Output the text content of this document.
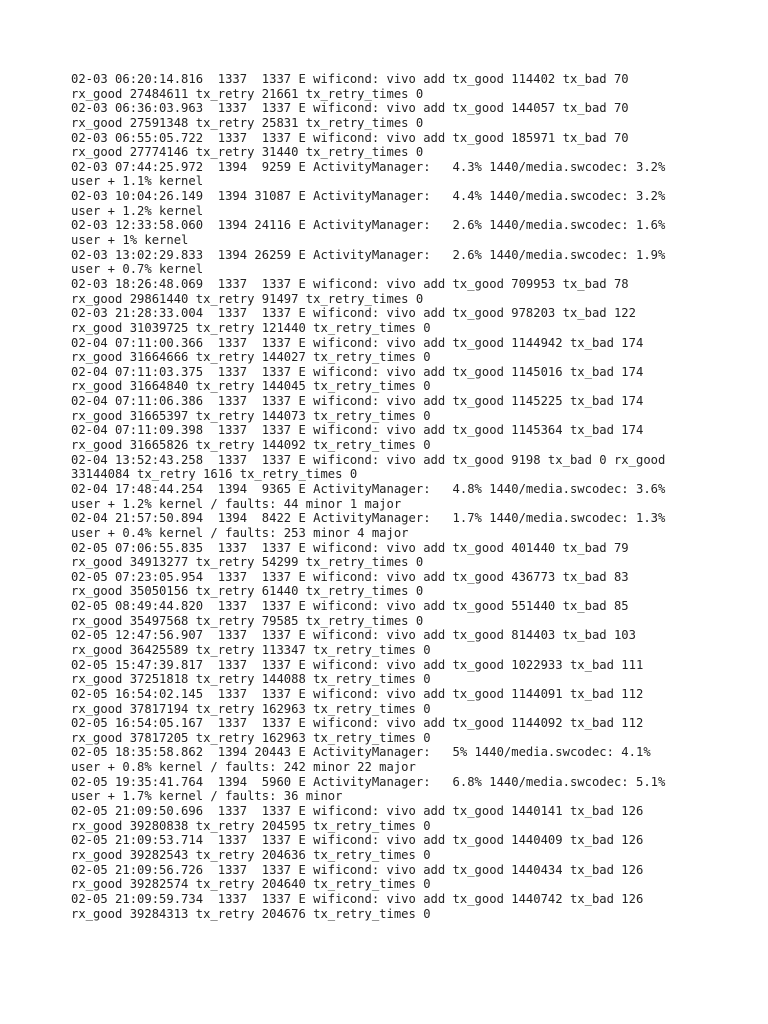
02-03 06:20:14.816  1337  1337 E wificond: vivo add tx_good 114402 tx_bad 70
rx_good 27484611 tx_retry 21661 tx_retry_times 0
02-03 06:36:03.963  1337  1337 E wificond: vivo add tx_good 144057 tx_bad 70
rx_good 27591348 tx_retry 25831 tx_retry_times 0
02-03 06:55:05.722  1337  1337 E wificond: vivo add tx_good 185971 tx_bad 70
rx_good 27774146 tx_retry 31440 tx_retry_times 0
02-03 07:44:25.972  1394  9259 E ActivityManager:   4.3% 1440/media.swcodec: 3.2%
user + 1.1% kernel
02-03 10:04:26.149  1394 31087 E ActivityManager:   4.4% 1440/media.swcodec: 3.2%
user + 1.2% kernel
02-03 12:33:58.060  1394 24116 E ActivityManager:   2.6% 1440/media.swcodec: 1.6%
user + 1% kernel
02-03 13:02:29.833  1394 26259 E ActivityManager:   2.6% 1440/media.swcodec: 1.9%
user + 0.7% kernel
02-03 18:26:48.069  1337  1337 E wificond: vivo add tx_good 709953 tx_bad 78
rx_good 29861440 tx_retry 91497 tx_retry_times 0
02-03 21:28:33.004  1337  1337 E wificond: vivo add tx_good 978203 tx_bad 122
rx_good 31039725 tx_retry 121440 tx_retry_times 0
02-04 07:11:00.366  1337  1337 E wificond: vivo add tx_good 1144942 tx_bad 174
rx_good 31664666 tx_retry 144027 tx_retry_times 0
02-04 07:11:03.375  1337  1337 E wificond: vivo add tx_good 1145016 tx_bad 174
rx_good 31664840 tx_retry 144045 tx_retry_times 0
02-04 07:11:06.386  1337  1337 E wificond: vivo add tx_good 1145225 tx_bad 174
rx_good 31665397 tx_retry 144073 tx_retry_times 0
02-04 07:11:09.398  1337  1337 E wificond: vivo add tx_good 1145364 tx_bad 174
rx_good 31665826 tx_retry 144092 tx_retry_times 0
02-04 13:52:43.258  1337  1337 E wificond: vivo add tx_good 9198 tx_bad 0 rx_good
33144084 tx_retry 1616 tx_retry_times 0
02-04 17:48:44.254  1394  9365 E ActivityManager:   4.8% 1440/media.swcodec: 3.6%
user + 1.2% kernel / faults: 44 minor 1 major
02-04 21:57:50.894  1394  8422 E ActivityManager:   1.7% 1440/media.swcodec: 1.3%
user + 0.4% kernel / faults: 253 minor 4 major
02-05 07:06:55.835  1337  1337 E wificond: vivo add tx_good 401440 tx_bad 79
rx_good 34913277 tx_retry 54299 tx_retry_times 0
02-05 07:23:05.954  1337  1337 E wificond: vivo add tx_good 436773 tx_bad 83
rx_good 35050156 tx_retry 61440 tx_retry_times 0
02-05 08:49:44.820  1337  1337 E wificond: vivo add tx_good 551440 tx_bad 85
rx_good 35497568 tx_retry 79585 tx_retry_times 0
02-05 12:47:56.907  1337  1337 E wificond: vivo add tx_good 814403 tx_bad 103
rx_good 36425589 tx_retry 113347 tx_retry_times 0
02-05 15:47:39.817  1337  1337 E wificond: vivo add tx_good 1022933 tx_bad 111
rx_good 37251818 tx_retry 144088 tx_retry_times 0
02-05 16:54:02.145  1337  1337 E wificond: vivo add tx_good 1144091 tx_bad 112
rx_good 37817194 tx_retry 162963 tx_retry_times 0
02-05 16:54:05.167  1337  1337 E wificond: vivo add tx_good 1144092 tx_bad 112
rx_good 37817205 tx_retry 162963 tx_retry_times 0
02-05 18:35:58.862  1394 20443 E ActivityManager:   5% 1440/media.swcodec: 4.1%
user + 0.8% kernel / faults: 242 minor 22 major
02-05 19:35:41.764  1394  5960 E ActivityManager:   6.8% 1440/media.swcodec: 5.1%
user + 1.7% kernel / faults: 36 minor
02-05 21:09:50.696  1337  1337 E wificond: vivo add tx_good 1440141 tx_bad 126
rx_good 39280838 tx_retry 204595 tx_retry_times 0
02-05 21:09:53.714  1337  1337 E wificond: vivo add tx_good 1440409 tx_bad 126
rx_good 39282543 tx_retry 204636 tx_retry_times 0
02-05 21:09:56.726  1337  1337 E wificond: vivo add tx_good 1440434 tx_bad 126
rx_good 39282574 tx_retry 204640 tx_retry_times 0
02-05 21:09:59.734  1337  1337 E wificond: vivo add tx_good 1440742 tx_bad 126
rx_good 39284313 tx_retry 204676 tx_retry_times 0
